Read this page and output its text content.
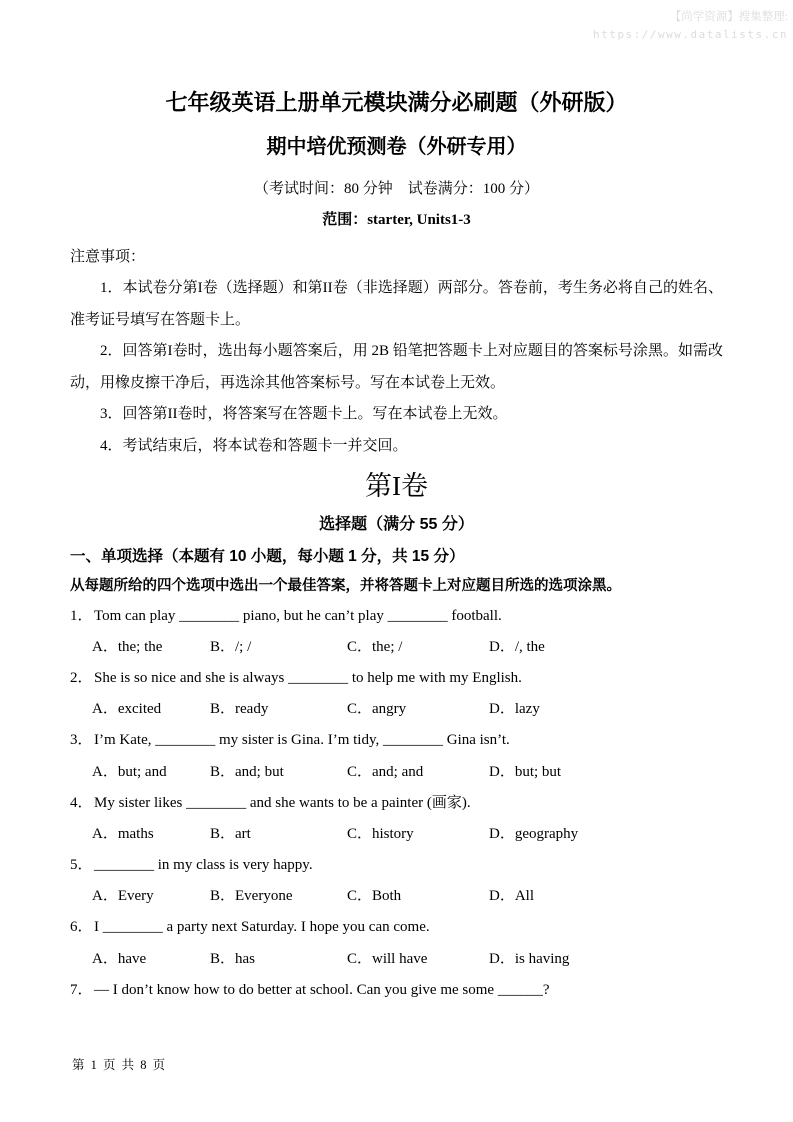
【尚学资源】搜集整理:
https://www.datalists.cn
七年级英语上册单元模块满分必刷题（外研版）
期中培优预测卷（外研专用）

（考试时间：80 分钟　试卷满分：100 分）

范围：starter, Units1-3

注意事项：

1．本试卷分第I卷（选择题）和第II卷（非选择题）两部分。答卷前，考生务必将自己的姓名、准考证号填写在答题卡上。

2．回答第I卷时，选出每小题答案后，用 2B 铅笔把答题卡上对应题目的答案标号涂黑。如需改动，用橡皮擦干净后，再选涂其他答案标号。写在本试卷上无效。

3．回答第II卷时，将答案写在答题卡上。写在本试卷上无效。

4．考试结束后，将本试卷和答题卡一并交回。

第I卷

选择题（满分 55 分）

一、单项选择（本题有 10 小题，每小题 1 分，共 15 分）

从每题所给的四个选项中选出一个最佳答案，并将答题卡上对应题目所选的选项涂黑。

1．Tom can play ________ piano, but he can’t play ________ football.

A．the; the	B．/; /	C．the; /	D．/, the

2．She is so nice and she is always ________ to help me with my English.

A．excited	B．ready	C．angry	D．lazy

3．I’m Kate, ________ my sister is Gina. I’m tidy, ________ Gina isn’t.

A．but; and	B．and; but	C．and; and	D．but; but

4．My sister likes ________ and she wants to be a painter (画家).

A．maths	B．art	C．history	D．geography

5．________ in my class is very happy.

A．Every	B．Everyone	C．Both	D．All

6．I ________ a party next Saturday. I hope you can come.

A．have	B．has	C．will have	D．is having

7．— I don’t know how to do better at school. Can you give me some ______?

第 1 页 共 8 页
